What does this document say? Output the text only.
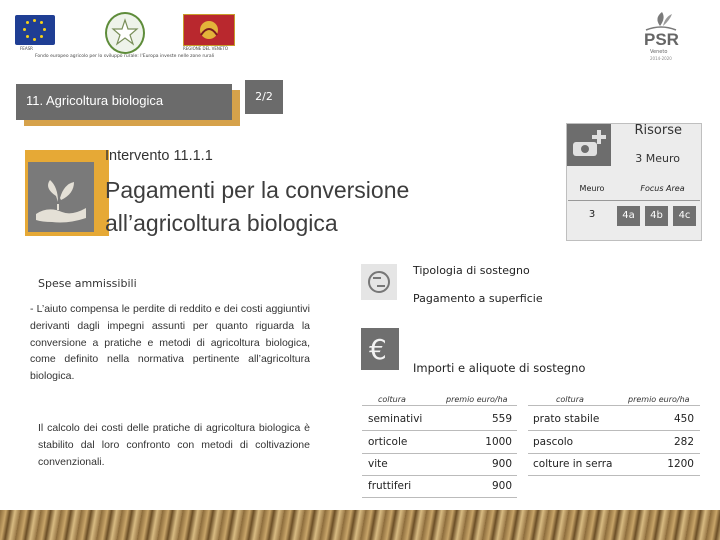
FEASR	REGIONE DEL VENETO
Fondo europeo agricolo per lo sviluppo rurale: l'Europa investe nelle zone rurali
PSR
Veneto
2014-2020
11. Agricoltura biologica	2/2
Intervento 11.1.1
Pagamenti per la conversione
all’agricoltura biologica
Risorse
3 Meuro
Meuro	Focus Area
3	4a	4b	4c
Spese ammissibili
- L’aiuto compensa le perdite di reddito e dei costi aggiuntivi derivanti dagli impegni assunti per quanto riguarda la conversione a pratiche e metodi di agricoltura biologica, come definito nella normativa pertinente all’agricoltura biologica.
Il calcolo dei costi delle pratiche di agricoltura biologica è stabilito dal loro confronto con metodi di coltivazione convenzionali.
Tipologia di sostegno
Pagamento a superficie
€
Importi e aliquote di sostegno
coltura	premio euro/ha	coltura	premio euro/ha
seminativi	559 prato stabile	450
orticole	1000 pascolo	282
vite	900 colture in serra	1200
fruttiferi	900
